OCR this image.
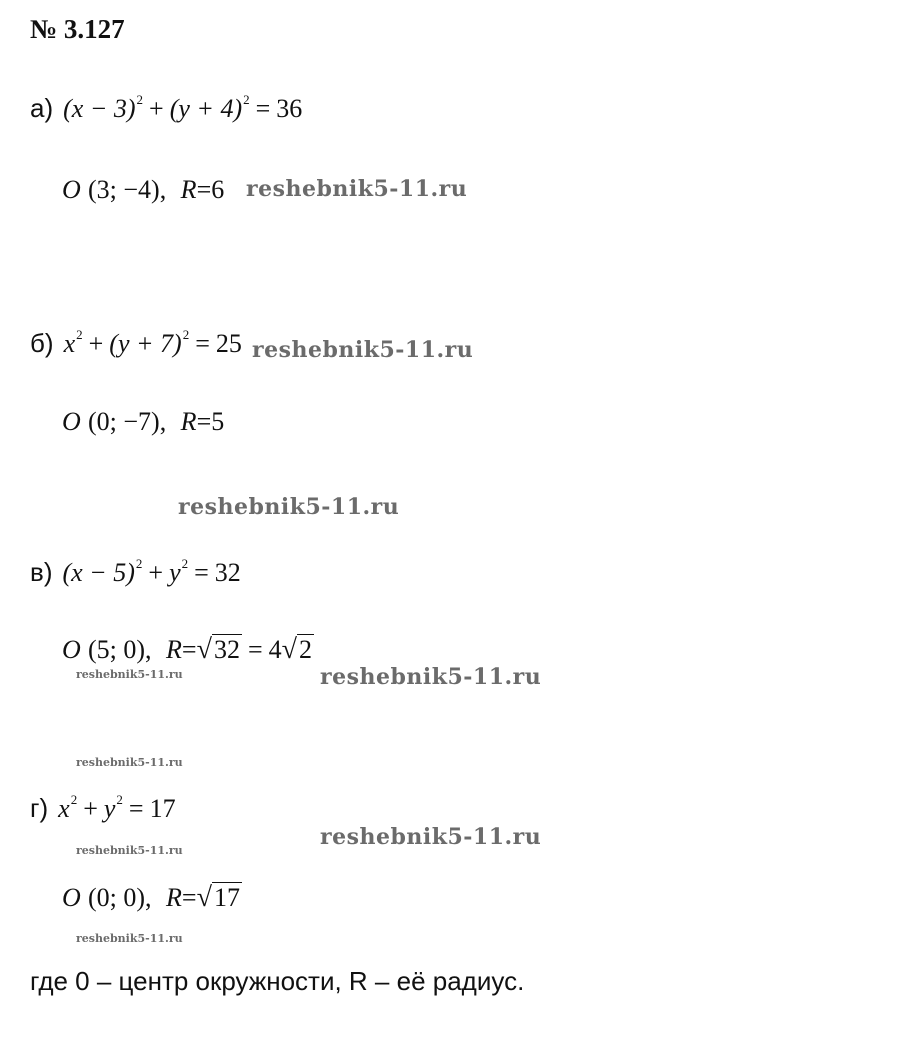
№ 3.127
а) $(x - 3)^2 + (y + 4)^2 = 36$
O (3; −4), R=6 reshebnik5-11.ru
б) $x^2 + (y + 7)^2 = 25$ reshebnik5-11.ru
O (0; −7), R=5
reshebnik5-11.ru
в) $(x - 5)^2 + y^2 = 32$
O (5; 0), R=√32 = 4√2
reshebnik5-11.ru	reshebnik5-11.ru
reshebnik5-11.ru
г) $x^2 + y^2 = 17$
reshebnik5-11.ru
reshebnik5-11.ru
O (0; 0), R=√17
reshebnik5-11.ru
где 0 – центр окружности, R – её радиус.
